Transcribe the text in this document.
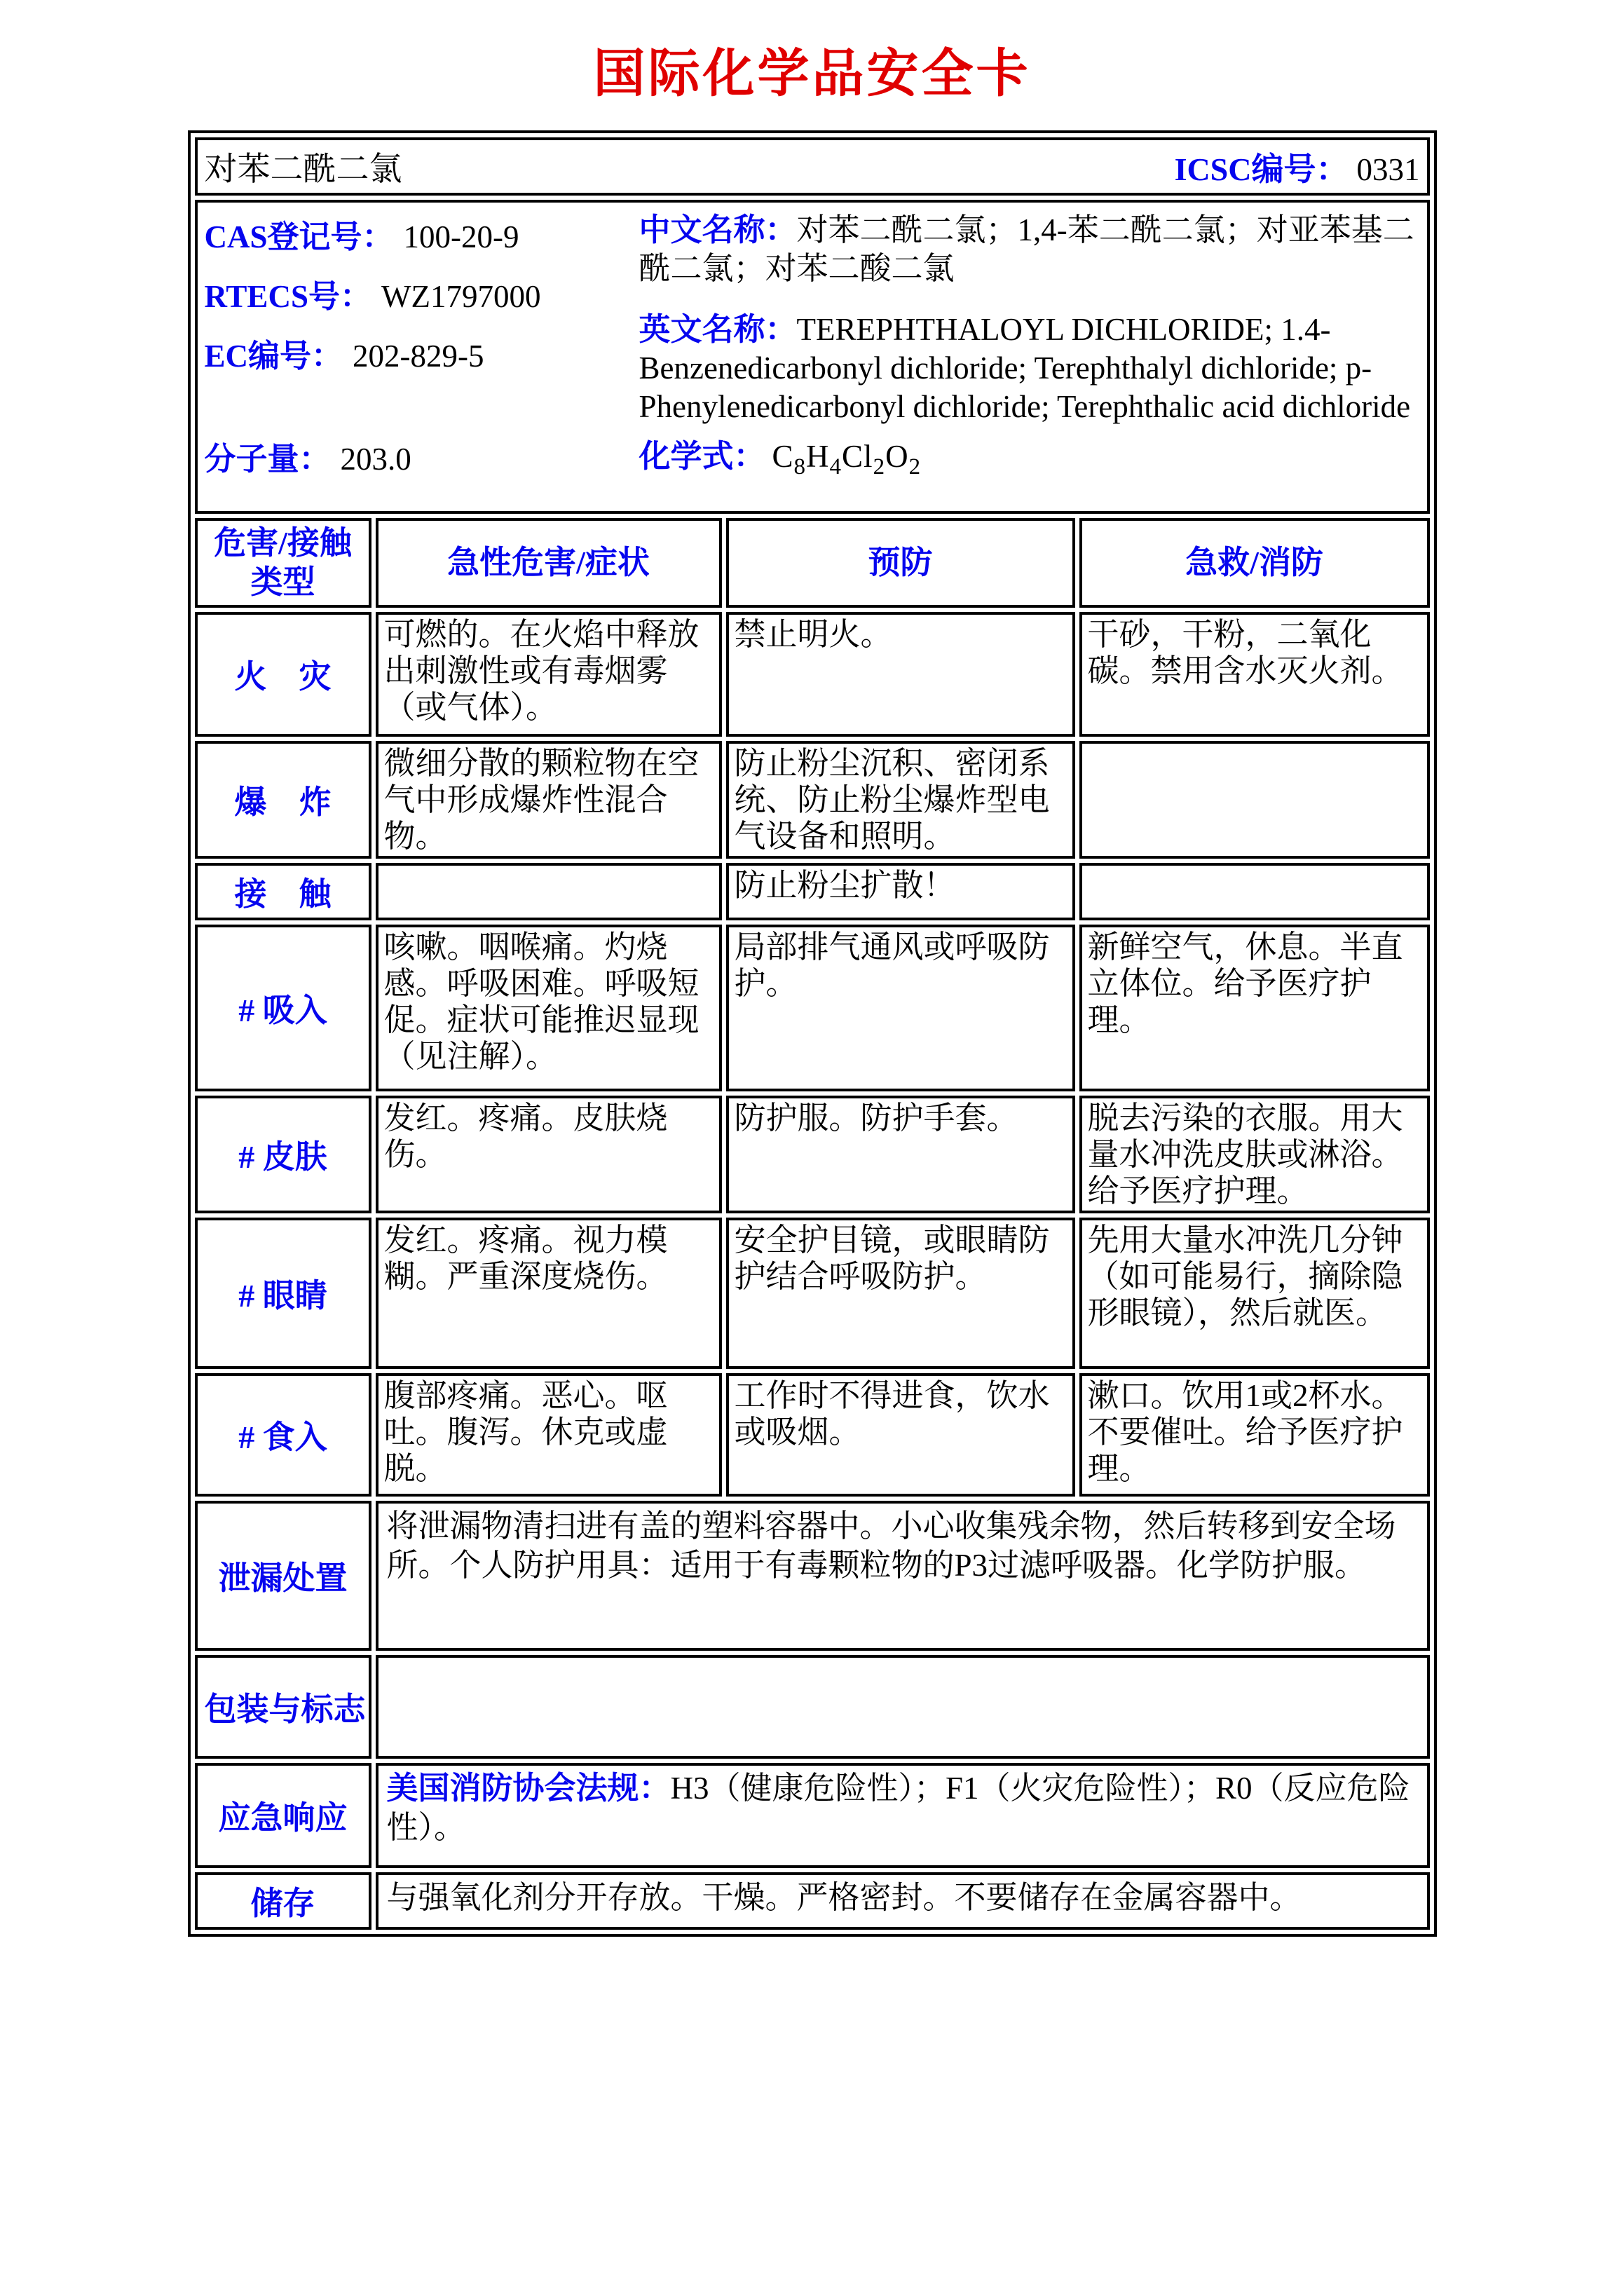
国际化学品安全卡
对苯二酰二氯 ICSC编号： 0331			

CAS登记号： 100-20-9
RTECS号： WZ1797000
EC编号： 202-829-5
分子量： 203.0
中文名称：对苯二酰二氯；1,4-苯二酰二氯；对亚苯基二酰二氯；对苯二酸二氯
英文名称：TEREPHTHALOYL DICHLORIDE; 1.4-Benzenedicarbonyl dichloride; Terephthalyl dichloride; p-Phenylenedicarbonyl dichloride; Terephthalic acid dichloride
化学式： $C_8H_4Cl_2O_2$

危害/接触
类型	急性危害/症状	预防	急救/消防
火　灾	可燃的。在火焰中释放出刺激性或有毒烟雾（或气体）。	禁止明火。	干砂，干粉，二氧化碳。禁用含水灭火剂。
爆　炸	微细分散的颗粒物在空气中形成爆炸性混合物。	防止粉尘沉积、密闭系统、防止粉尘爆炸型电气设备和照明。	
接　触		防止粉尘扩散！	
# 吸入	咳嗽。咽喉痛。灼烧感。呼吸困难。呼吸短促。症状可能推迟显现（见注解）。	局部排气通风或呼吸防护。	新鲜空气，休息。半直立体位。给予医疗护理。
# 皮肤	发红。疼痛。皮肤烧伤。	防护服。防护手套。	脱去污染的衣服。用大量水冲洗皮肤或淋浴。给予医疗护理。
# 眼睛	发红。疼痛。视力模糊。严重深度烧伤。	安全护目镜，或眼睛防护结合呼吸防护。	先用大量水冲洗几分钟（如可能易行，摘除隐形眼镜），然后就医。
# 食入	腹部疼痛。恶心。呕吐。腹泻。休克或虚脱。	工作时不得进食，饮水或吸烟。	漱口。饮用1或2杯水。不要催吐。给予医疗护理。
泄漏处置	将泄漏物清扫进有盖的塑料容器中。小心收集残余物，然后转移到安全场所。个人防护用具：适用于有毒颗粒物的P3过滤呼吸器。化学防护服。		
包装与标志			
应急响应	美国消防协会法规：H3（健康危险性）；F1（火灾危险性）；R0（反应危险性）。		
储存	与强氧化剂分开存放。干燥。严格密封。不要储存在金属容器中。		
